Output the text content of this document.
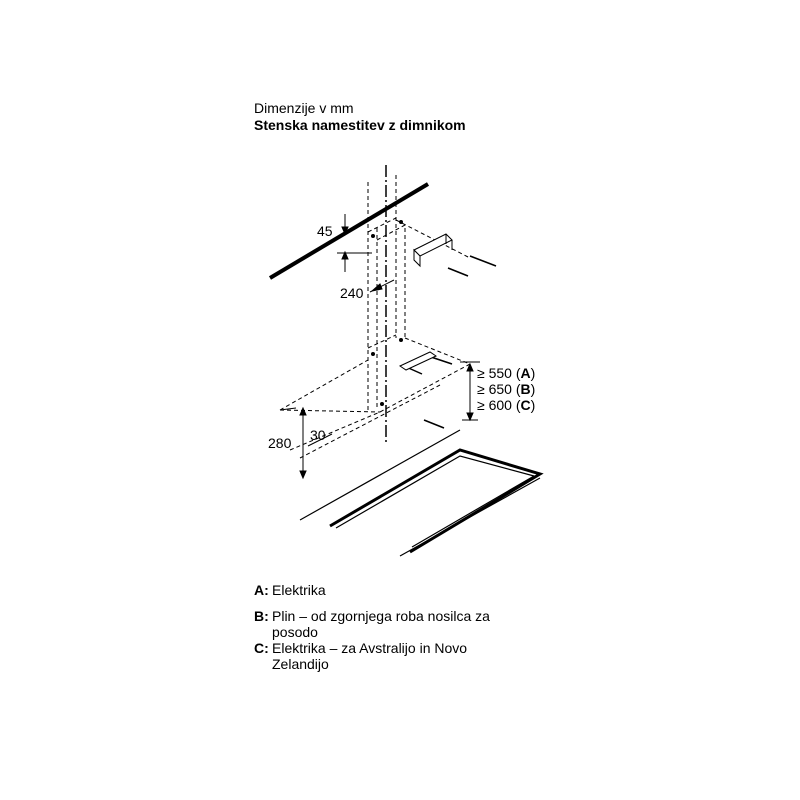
Dimenzije v mm
Stenska namestitev z dimnikom
45
240
280 30
≥ 550 (A)
≥ 650 (B)
≥ 600 (C)
A: Elektrika
B: Plin – od zgornjega roba nosilca za posodo
C: Elektrika – za Avstralijo in Novo Zelandijo
